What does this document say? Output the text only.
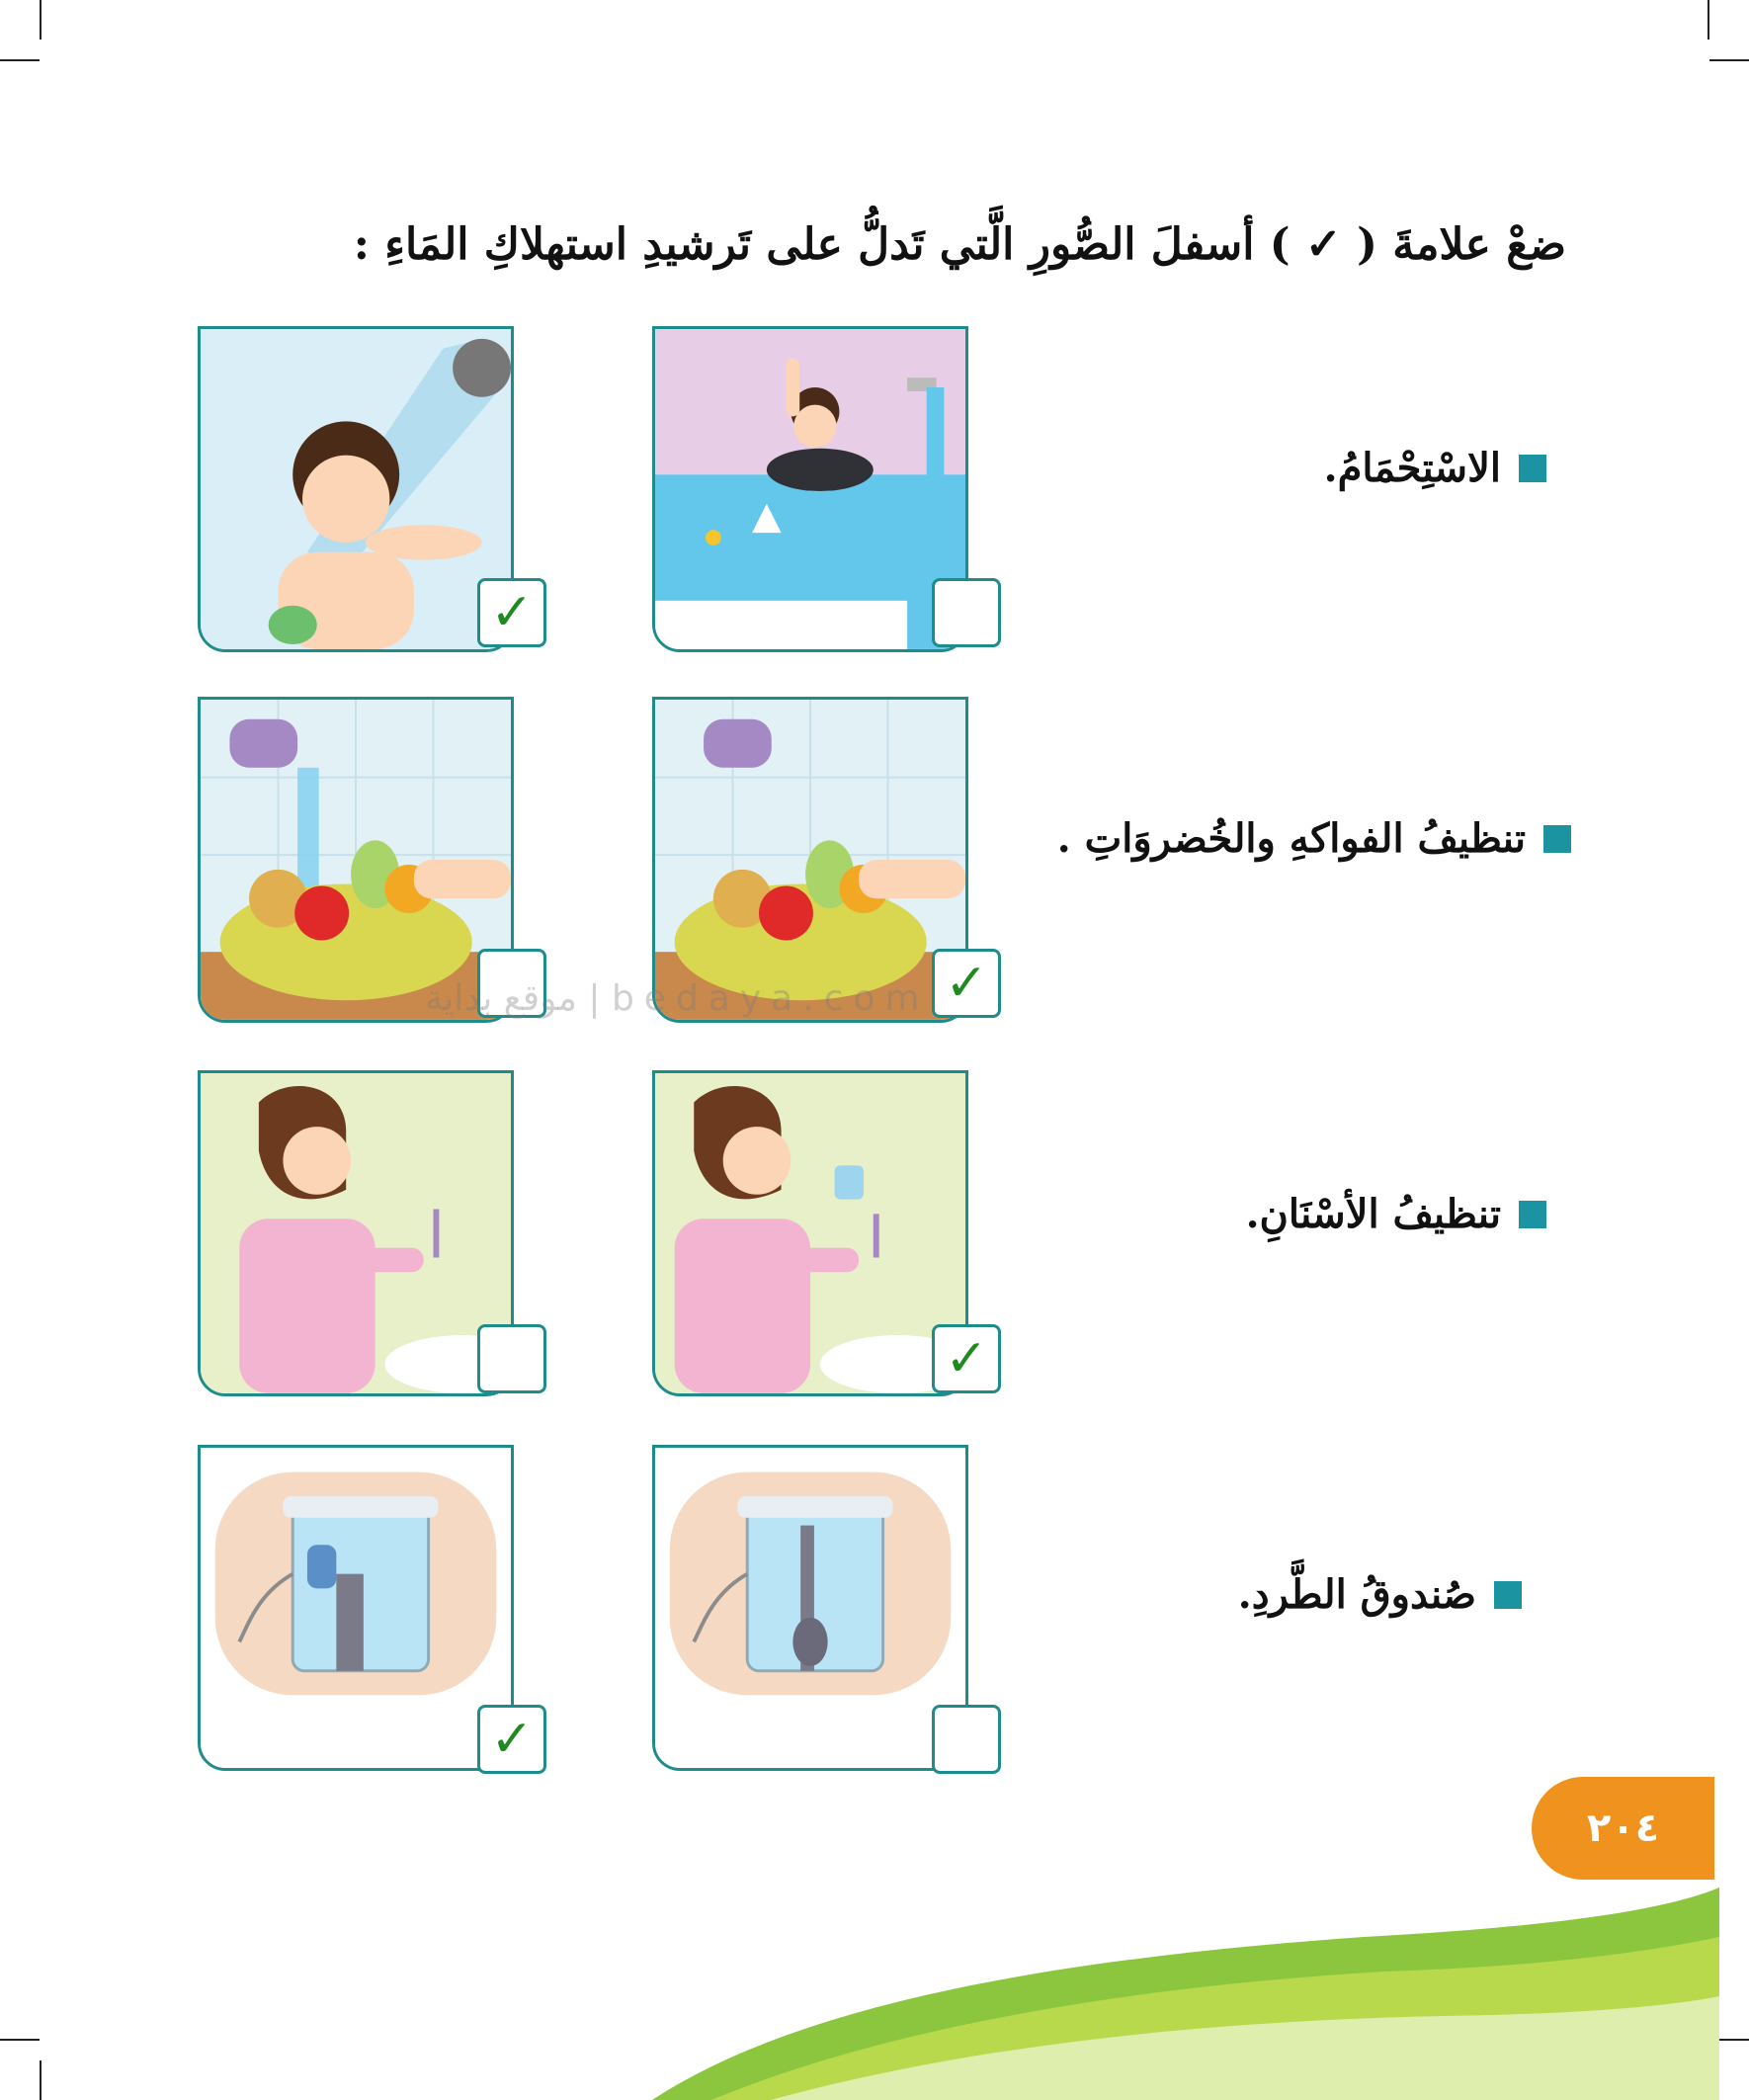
ضعْ علامةَ ( ✓ ) أسفلَ الصُّورِ الَّتي تَدلُّ على تَرشيدِ استهلاكِ المَاءِ :
✓
الاسْتِحْمَامُ.
✓
تنظيفُ الفواكهِ والخُضروَاتِ .
✓
تنظيفُ الأسْنَانِ.
✓
صُندوقُ الطَّردِ.
موقع بداية | bedaya.com
٢٠٤
